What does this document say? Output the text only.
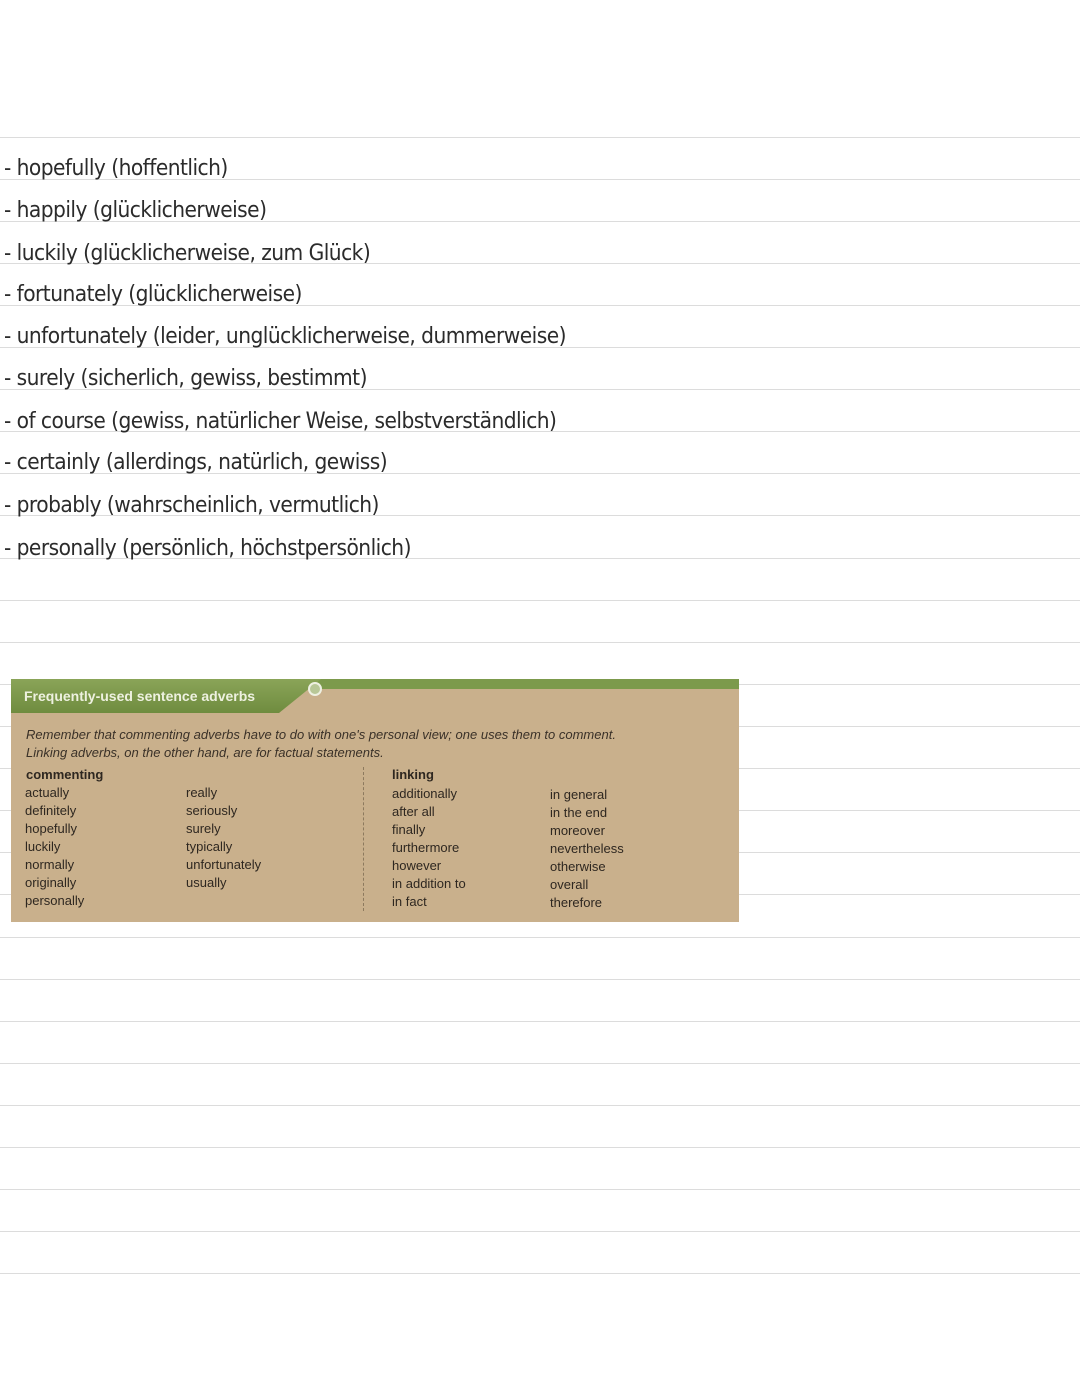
- hopefully (hoffentlich)
- happily (glücklicherweise)
- luckily (glücklicherweise, zum Glück)
- fortunately (glücklicherweise)
- unfortunately (leider, unglücklicherweise, dummerweise)
- surely (sicherlich, gewiss, bestimmt)
- of course (gewiss, natürlicher Weise, selbstverständlich)
- certainly (allerdings, natürlich, gewiss)
- probably (wahrscheinlich, vermutlich)
- personally (persönlich, höchstpersönlich)
Frequently-used sentence adverbs
Remember that commenting adverbs have to do with one's personal view; one uses them to comment.
Linking adverbs, on the other hand, are for factual statements.
commenting
actually
definitely
hopefully
luckily
normally
originally
personally
really
seriously
surely
typically
unfortunately
usually
linking
additionally
after all
finally
furthermore
however
in addition to
in fact
in general
in the end
moreover
nevertheless
otherwise
overall
therefore
